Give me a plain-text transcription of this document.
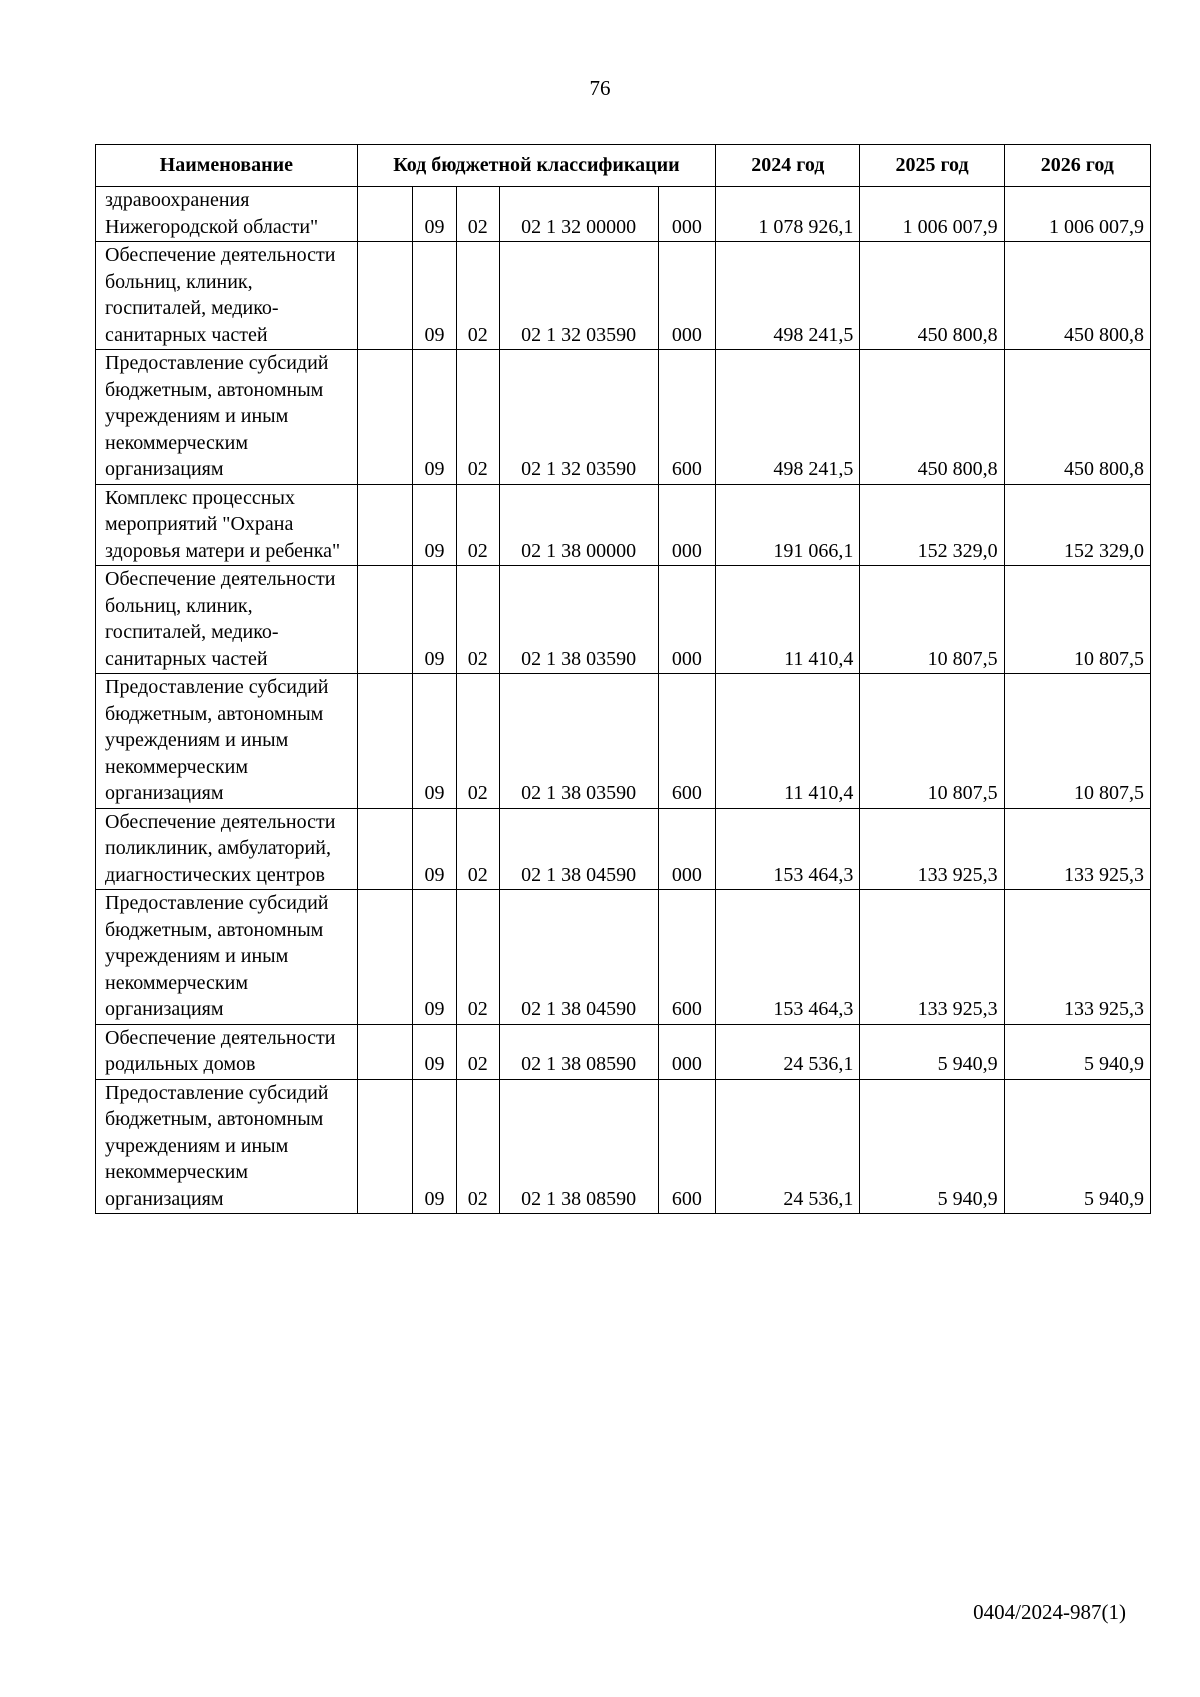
76
Наименование	Код бюджетной классификации					2024 год	2025 год	2026 год
здравоохранения Нижегородской области"		09	02	02 1 32 00000	000	1 078 926,1	1 006 007,9	1 006 007,9
Обеспечение деятельности больниц, клиник, госпиталей, медико-санитарных частей		09	02	02 1 32 03590	000	498 241,5	450 800,8	450 800,8
Предоставление субсидий бюджетным, автономным учреждениям и иным некоммерческим организациям		09	02	02 1 32 03590	600	498 241,5	450 800,8	450 800,8
Комплекс процессных мероприятий "Охрана здоровья матери и ребенка"		09	02	02 1 38 00000	000	191 066,1	152 329,0	152 329,0
Обеспечение деятельности больниц, клиник, госпиталей, медико-санитарных частей		09	02	02 1 38 03590	000	11 410,4	10 807,5	10 807,5
Предоставление субсидий бюджетным, автономным учреждениям и иным некоммерческим организациям		09	02	02 1 38 03590	600	11 410,4	10 807,5	10 807,5
Обеспечение деятельности поликлиник, амбулаторий, диагностических центров		09	02	02 1 38 04590	000	153 464,3	133 925,3	133 925,3
Предоставление субсидий бюджетным, автономным учреждениям и иным некоммерческим организациям		09	02	02 1 38 04590	600	153 464,3	133 925,3	133 925,3
Обеспечение деятельности родильных домов		09	02	02 1 38 08590	000	24 536,1	5 940,9	5 940,9
Предоставление субсидий бюджетным, автономным учреждениям и иным некоммерческим организациям		09	02	02 1 38 08590	600	24 536,1	5 940,9	5 940,9
0404/2024-987(1)
